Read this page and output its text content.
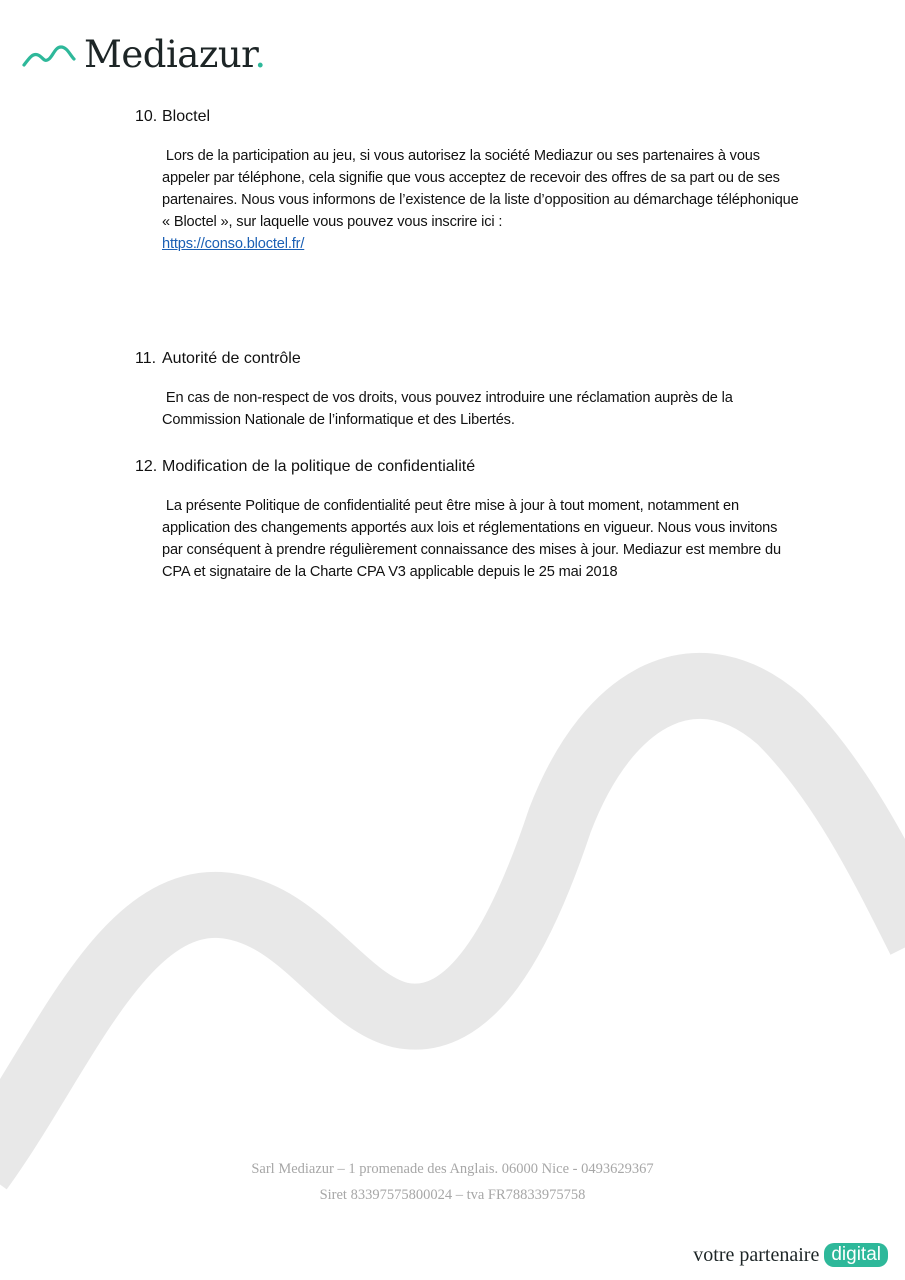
Mediazur.
10. Bloctel

Lors de la participation au jeu, si vous autorisez la société Mediazur ou ses partenaires à vous appeler par téléphone, cela signifie que vous acceptez de recevoir des offres de sa part ou de ses partenaires. Nous vous informons de l’existence de la liste d’opposition au démarchage téléphonique « Bloctel », sur laquelle vous pouvez vous inscrire ici :
https://conso.bloctel.fr/

11. Autorité de contrôle

En cas de non-respect de vos droits, vous pouvez introduire une réclamation auprès de la Commission Nationale de l’informatique et des Libertés.

12. Modification de la politique de confidentialité

La présente Politique de confidentialité peut être mise à jour à tout moment, notamment en application des changements apportés aux lois et réglementations en vigueur. Nous vous invitons par conséquent à prendre régulièrement connaissance des mises à jour. Mediazur est membre du CPA et signataire de la Charte CPA V3 applicable depuis le 25 mai 2018

Sarl Mediazur – 1 promenade des Anglais. 06000 Nice - 0493629367
Siret 83397575800024 – tva FR78833975758
votre partenaire digital
